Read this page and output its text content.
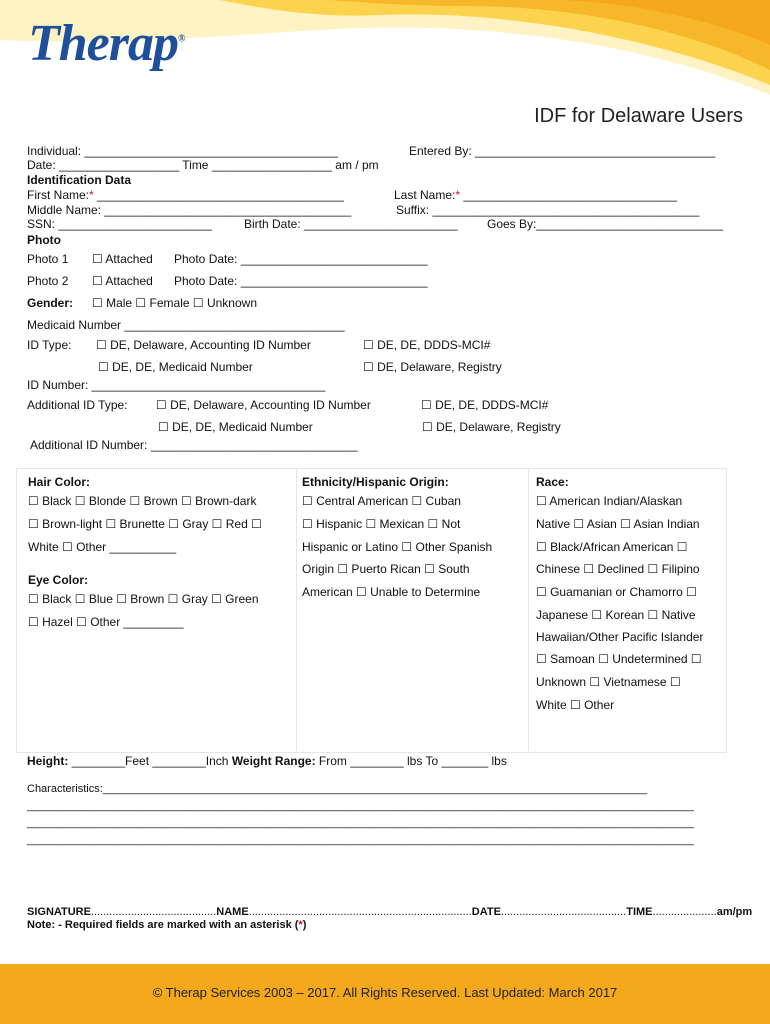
Therap®
IDF for Delaware Users
Individual: ______________________________________	Entered By: ____________________________________
Date: __________________ Time __________________ am / pm
Identification Data
First Name:* _____________________________________	Last Name:* ________________________________
Middle Name: _____________________________________	Suffix: ________________________________________
SSN: _______________________	Birth Date: _______________________ Goes By:____________________________
Photo
Photo 1 ☐ Attached Photo Date: ____________________________
Photo 2 ☐ Attached Photo Date: ____________________________
Gender: ☐ Male ☐ Female ☐ Unknown
Medicaid Number _________________________________
ID Type: ☐ DE, Delaware, Accounting ID Number	☐ DE, DE, DDDS-MCI#
☐ DE, DE, Medicaid Number	☐ DE, Delaware, Registry
ID Number: ___________________________________
Additional ID Type: ☐ DE, Delaware, Accounting ID Number	☐ DE, DE, DDDS-MCI#
☐ DE, DE, Medicaid Number	☐ DE, Delaware, Registry
Additional ID Number: _______________________________
Hair Color:
☐ Black ☐ Blonde ☐ Brown ☐ Brown-dark
☐ Brown-light ☐ Brunette ☐ Gray ☐ Red ☐
White ☐ Other __________
Eye Color:
☐ Black ☐ Blue ☐ Brown ☐ Gray ☐ Green
☐ Hazel ☐ Other _________
Ethnicity/Hispanic Origin:
☐ Central American ☐ Cuban
☐ Hispanic ☐ Mexican ☐ Not
Hispanic or Latino ☐ Other Spanish
Origin ☐ Puerto Rican ☐ South
American ☐ Unable to Determine
Race:
☐ American Indian/Alaskan
Native ☐ Asian ☐ Asian Indian
☐ Black/African American ☐
Chinese ☐ Declined ☐ Filipino
☐ Guamanian or Chamorro ☐
Japanese ☐ Korean ☐ Native
Hawaiian/Other Pacific Islander
☐ Samoan ☐ Undetermined ☐
Unknown ☐ Vietnamese ☐
White ☐ Other
Height: ________Feet ________Inch Weight Range: From ________ lbs To _______ lbs
Characteristics:_________________________________________________________________________________________
_____________________________________________________________________________________________________________
_____________________________________________________________________________________________________________
_____________________________________________________________________________________________________________
SIGNATURE.........................................NAME.........................................................................DATE.........................................TIME.....................am/pm
Note: - Required fields are marked with an asterisk (*)
© Therap Services 2003 – 2017. All Rights Reserved. Last Updated: March 2017
